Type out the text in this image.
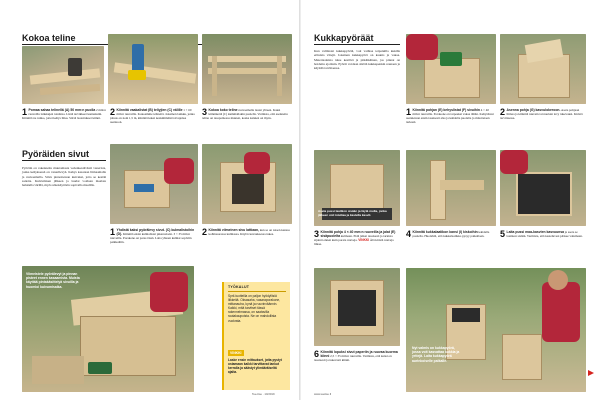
Kokoa teline
1 Pomaa sahaa telinellä (A) 50 mm:n puolla 2 mm:n ruuveilla lankkujen toisiinsa. Lisää tarvikkeet kannaksiin. Kiinnitä ne runko, jottei kehys liiku. Siirrä laatoitukset kiinni.
2 Kiinnitä vaakalistat (B) teliyjien (C) välille 1 × 60 mm:n ruuveilla. Kokoamme telinettä. Jokainen lankku, jonka pituus on noin 1,5 m, kiinnitä kaksi keskimmäistä sivujensa asentoon.
3 Kokoa koko teline ruuvaamalla lautat yhteen. Kaksi kiinnikettä (C) kummallakin puolella. Varmista, että asennettu teline on tasapainossa muuten, koska kannen on myös.
Pyöräiden sivut
Pyöräin on rakennettu muutamasta vedenkestävästä vanerista, jonka kehyksessä on vanerilevyä. Kehys kasataan liimaamalla ja ruuvaamalla. Siivu pinnoitetaan kuivaksi, jotta se kestää sadetta. Kuivumisen jälkeen ja laudat voidaan maalata halutulla värillä, myös ulkokäyttöön sopivalla maalilla.
1 Yhdistä kaksi pyörälevy sivut. (C) kulmalistoihin (D). Kiinnitä ensin kulmalistat pikaruuvein. 3 × 35 mm:n ruuveilla. Porakone on paras tässä. Laita yhteen kulmat sopiviin paikkoihin.
2 Kiinnitä viimeinen sivu lattiaan, kun se on toisen kanssa kohtisuorassa kulmassa. Käytä ruuvauksessa tukea.
Viimeistele pyörälevyt ja pinnan pisteet ennen kasaamista. Muista käyttää pintakäsittelyä sivuilla ja huomioi kuivumisaika.	TYÖKALUT
Sprii-tuotteilla on paljon hyödyllisiä liikkeitä. Oksasaha, vasaraporakone, mittanauha, kynä ja ruuvinväännin. Kaikki, mitä tarvitset tässä rakennelmassa, on saatavilla rautakaupoista. Ne on mahdollista vuokrata.
VINKKI
Laske ensin mittaukset, jotta pystyt ostamaan kaikki tarvittavat lankut kerralla ja säästyt ylimääräiseltä ajalta.
Tee-Itse · 10/2019
Kukkapyöräät
Kun valmistat kukkapyörää, voit vaihtaa teipatuilla kukilla erilaisia värejä. Jokainen kukkapyörä on kaunis ja vakaa. Materiaaleista tulee kestävä ja pitkäikäinen, jos pinnat on hoidettu ajoittain. Pyörät voidaan siirtää kukkapenkin reunaan ja käyttää tarvittaessa.
1 Kiinnitä pohjan (E) kehyslistat (F) sivuihin 4 × 40 mm:n ruuveilla. Porakone on tarpeeksi vakaa tähän. Kehyslistat asennetaan ensin tasaisesti alas ja kahdelta puolelta ja mitoitetaan tarkasti.
2 Asenna pohja (G) kasvulokeroon. Aseta pohjaan liimaa ja kiinnitä ruuvein tai nauloin levy tukevaksi. Kiristä tarvittaessa.
Aseta pussi laatikon sisään ja täytä multa, jonka jälkeen voit istuttaa ja kastella kasvit.
3 Kiinnitä pohja 4 × 40 mm:n ruuveilla ja jalat (E) sisäpuolelta kulmaan. Pidä jalkat tasaisesti ja tarkista sijainti ennen kuin porata ruuveja. VINKKI Älä kiristä ruuveja liikaa.
4 Kiinnitä kukkalaatikon kansi (I) kiskoihin kahdella puolella. Huolehdi, että kukkalaatikko pysyy paikallaan.	5 Laita pussi maa-kasvien kasvuunsa ja aseta se laatikon sisään. Varmista, että kasteluvesi pääsee valumaan.
6 Kiinnitä lopuksi sivut paperiin ja ruuvaa kuorma kiinni 2,5 × 35 mm:n ruuveilla. Varmista, että kansi on tasaisesti ja tukevasti kiinni.
Nyt valmis on kukkapyörä, jossa voit kasvattaa kukkia ja yrttejä. Laita kukkapyörä aurinkoiselle paikalle.
www.teeitse.fi
